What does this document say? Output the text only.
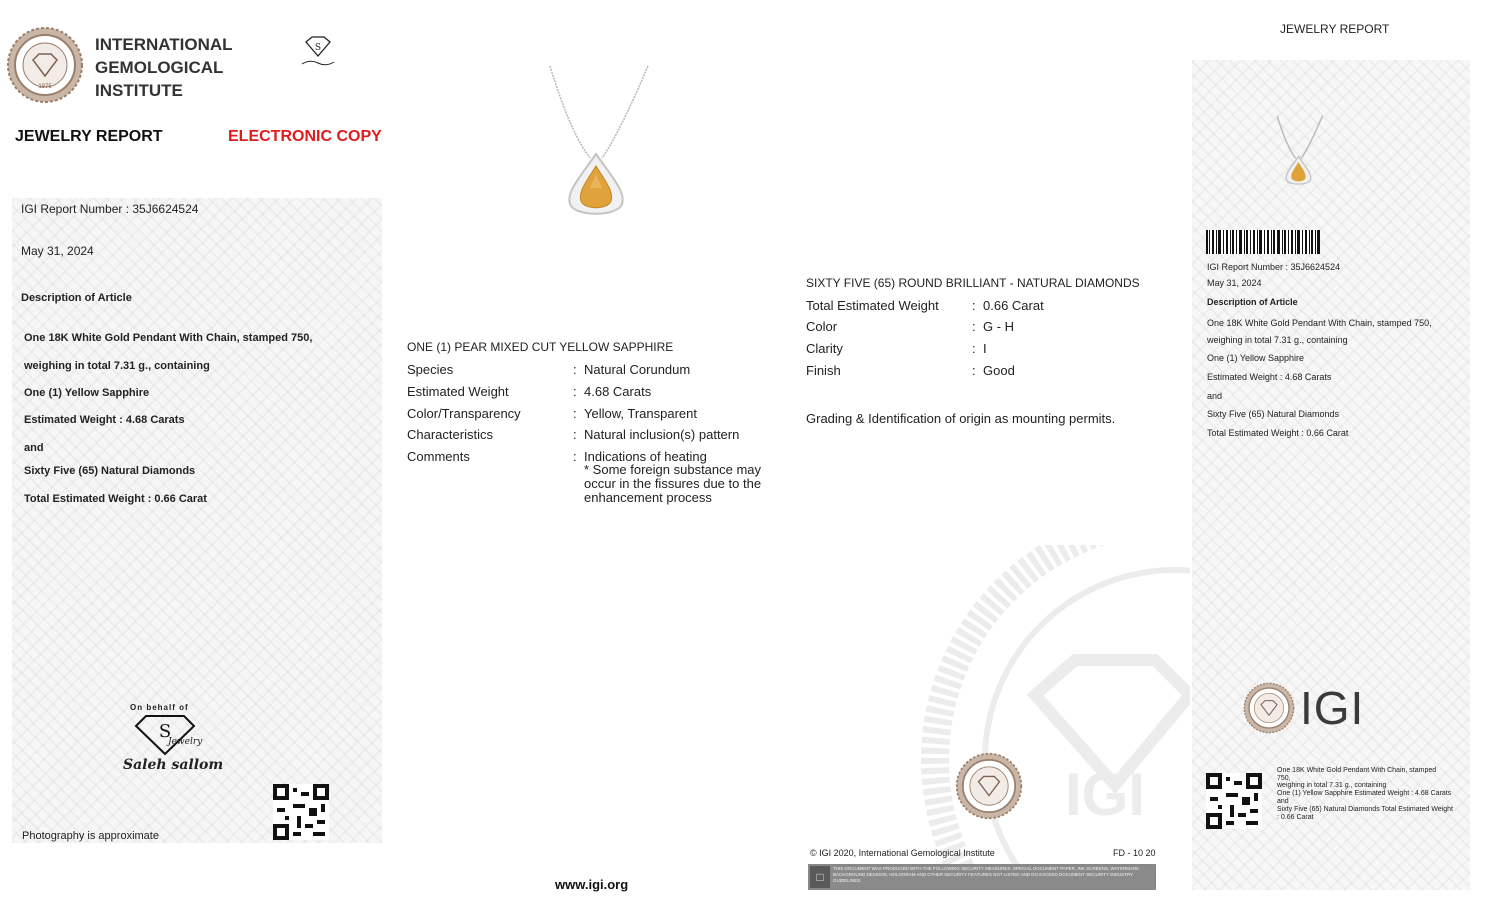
1975
INTERNATIONAL
GEMOLOGICAL
INSTITUTE
S
JEWELRY REPORT	ELECTRONIC COPY
IGI Report Number : 35J6624524
May 31, 2024
Description of Article
One 18K White Gold Pendant With Chain, stamped 750,
weighing in total 7.31 g., containing
One (1) Yellow Sapphire
Estimated Weight : 4.68 Carats
and
Sixty Five (65) Natural Diamonds
Total Estimated Weight : 0.66 Carat
On behalf of
S
Jewelry
Saleh sallom
Photography is approximate
ONE (1) PEAR MIXED CUT YELLOW SAPPHIRE
Species	: Natural Corundum
Estimated Weight	: 4.68 Carats
Color/Transparency	: Yellow, Transparent
Characteristics	: Natural inclusion(s) pattern
Comments	: Indications of heating
* Some foreign substance may
occur in the fissures due to the
enhancement process
www.igi.org
SIXTY FIVE (65) ROUND BRILLIANT - NATURAL DIAMONDS
Total Estimated Weight	: 0.66 Carat
Color	: G - H
Clarity	: I
Finish	: Good
Grading & Identification of origin as mounting permits.
IGI
© IGI 2020, International Gemological Institute	FD - 10 20
□
THIS DOCUMENT WAS PRODUCED WITH THE FOLLOWING SECURITY MEASURES: SPECIAL DOCUMENT PAPER, INK SCREENS, WATERMARK BACKGROUND DESIGNS, HOLOGRAM AND OTHER SECURITY FEATURES NOT LISTED AND DO EXCEED DOCUMENT SECURITY INDUSTRY GUIDELINES.
JEWELRY REPORT
IGI Report Number : 35J6624524
May 31, 2024
Description of Article
One 18K White Gold Pendant With Chain, stamped 750,
weighing in total 7.31 g., containing
One (1) Yellow Sapphire
Estimated Weight : 4.68 Carats
and
Sixty Five (65) Natural Diamonds
Total Estimated Weight : 0.66 Carat
IGI
One 18K White Gold Pendant With Chain, stamped
750,
weighing in total 7.31 g., containing
One (1) Yellow Sapphire Estimated Weight : 4.68 Carats
and
Sixty Five (65) Natural Diamonds Total Estimated Weight
: 0.66 Carat
